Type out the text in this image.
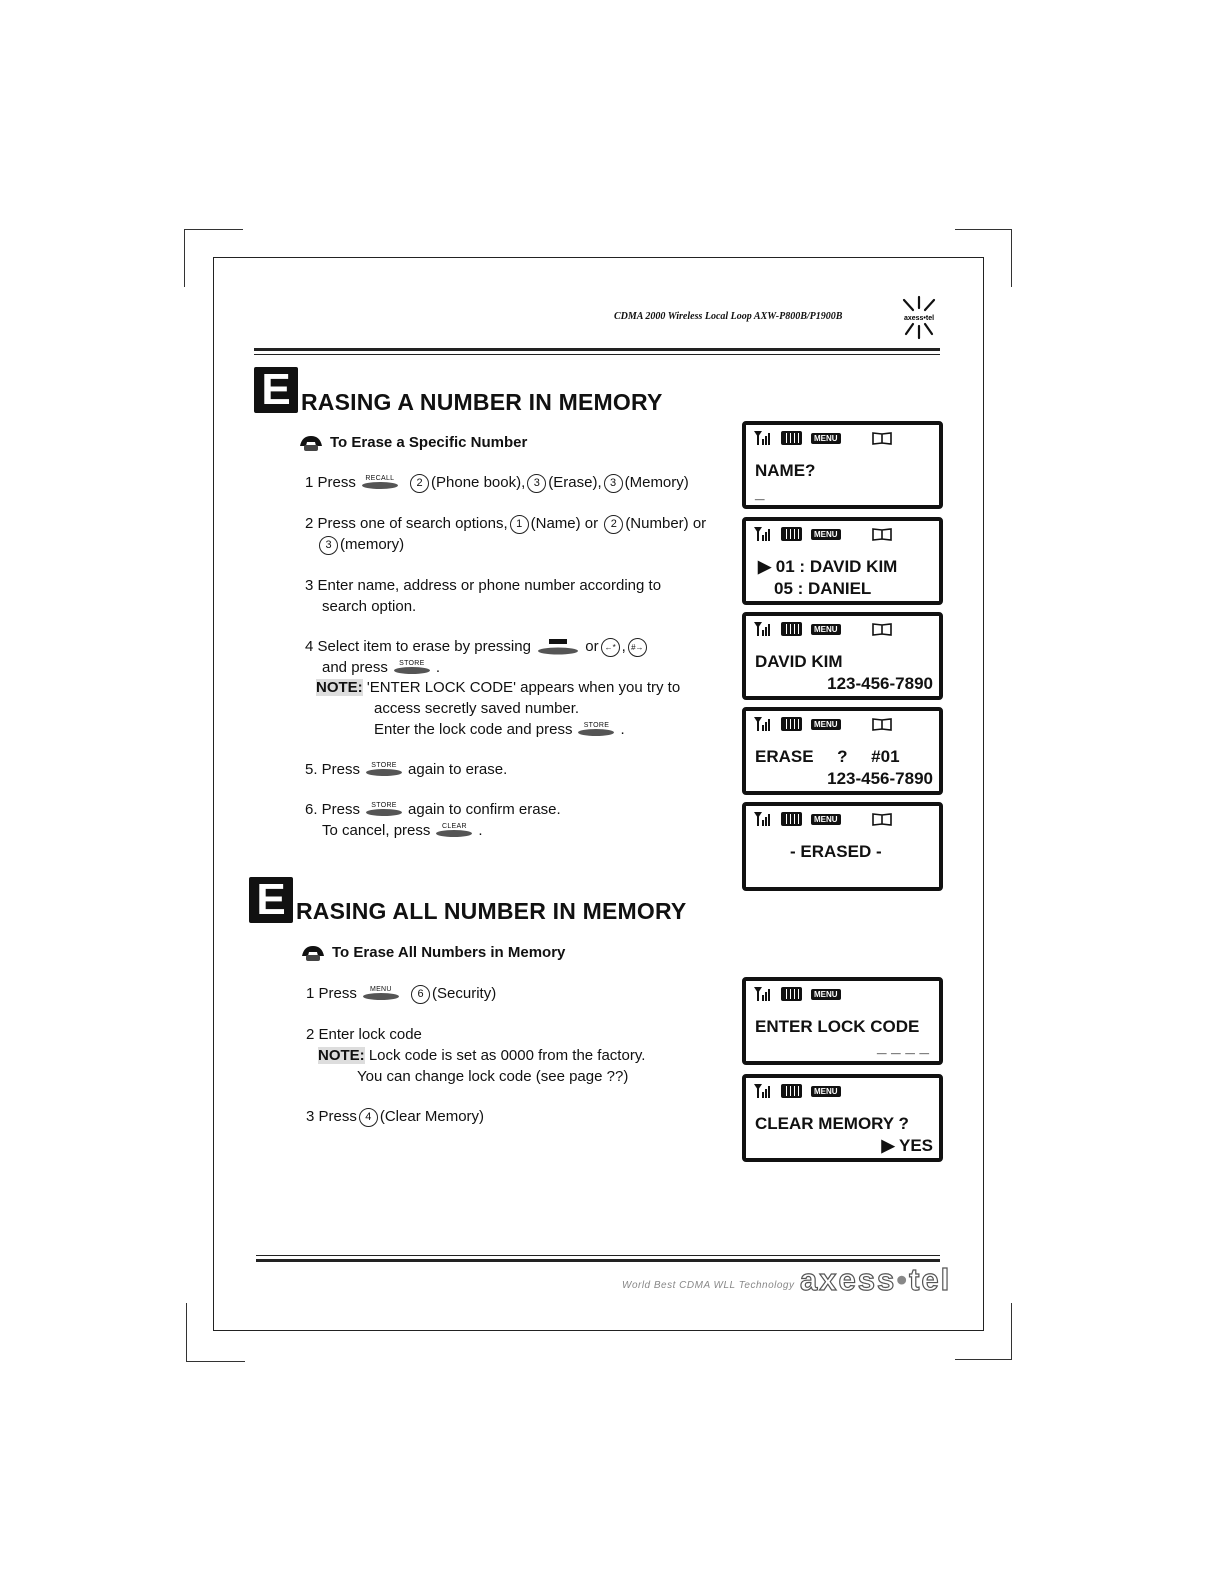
CDMA 2000 Wireless Local Loop AXW-P800B/P1900B	axess•tel
E RASING A NUMBER IN MEMORY
To Erase a Specific Number
1 Press	RECALL	2 (Phone book), 3 (Erase), 3 (Memory)
2 Press one of search options, 1 (Name) or 2 (Number) or
3 (memory)
3 Enter name, address or phone number according to
search option.
4 Select item to erase by pressing	or ←* , #→
and press	STORE .
NOTE: 'ENTER LOCK CODE' appears when you try to
access secretly saved number.
Enter the lock code and press	STORE .
5. Press	STORE again to erase.
6. Press	STORE again to confirm erase.
To cancel, press	CLEAR .
E RASING ALL NUMBER IN MEMORY
To Erase All Numbers in Memory
1 Press	MENU	6 (Security)
2 Enter lock code
NOTE: Lock code is set as 0000 from the factory.
You can change lock code (see page ??)
3 Press 4 (Clear Memory)
MENU
NAME?
_
MENU
▶ 01 : DAVID KIM
05 : DANIEL
MENU
DAVID KIM
123-456-7890
MENU
ERASE     ?     #01
123-456-7890
MENU
- ERASED -
MENU
ENTER LOCK CODE
_ _ _ _
MENU
CLEAR MEMORY ?
▶ YES
World Best CDMA WLL Technology axess•tel
